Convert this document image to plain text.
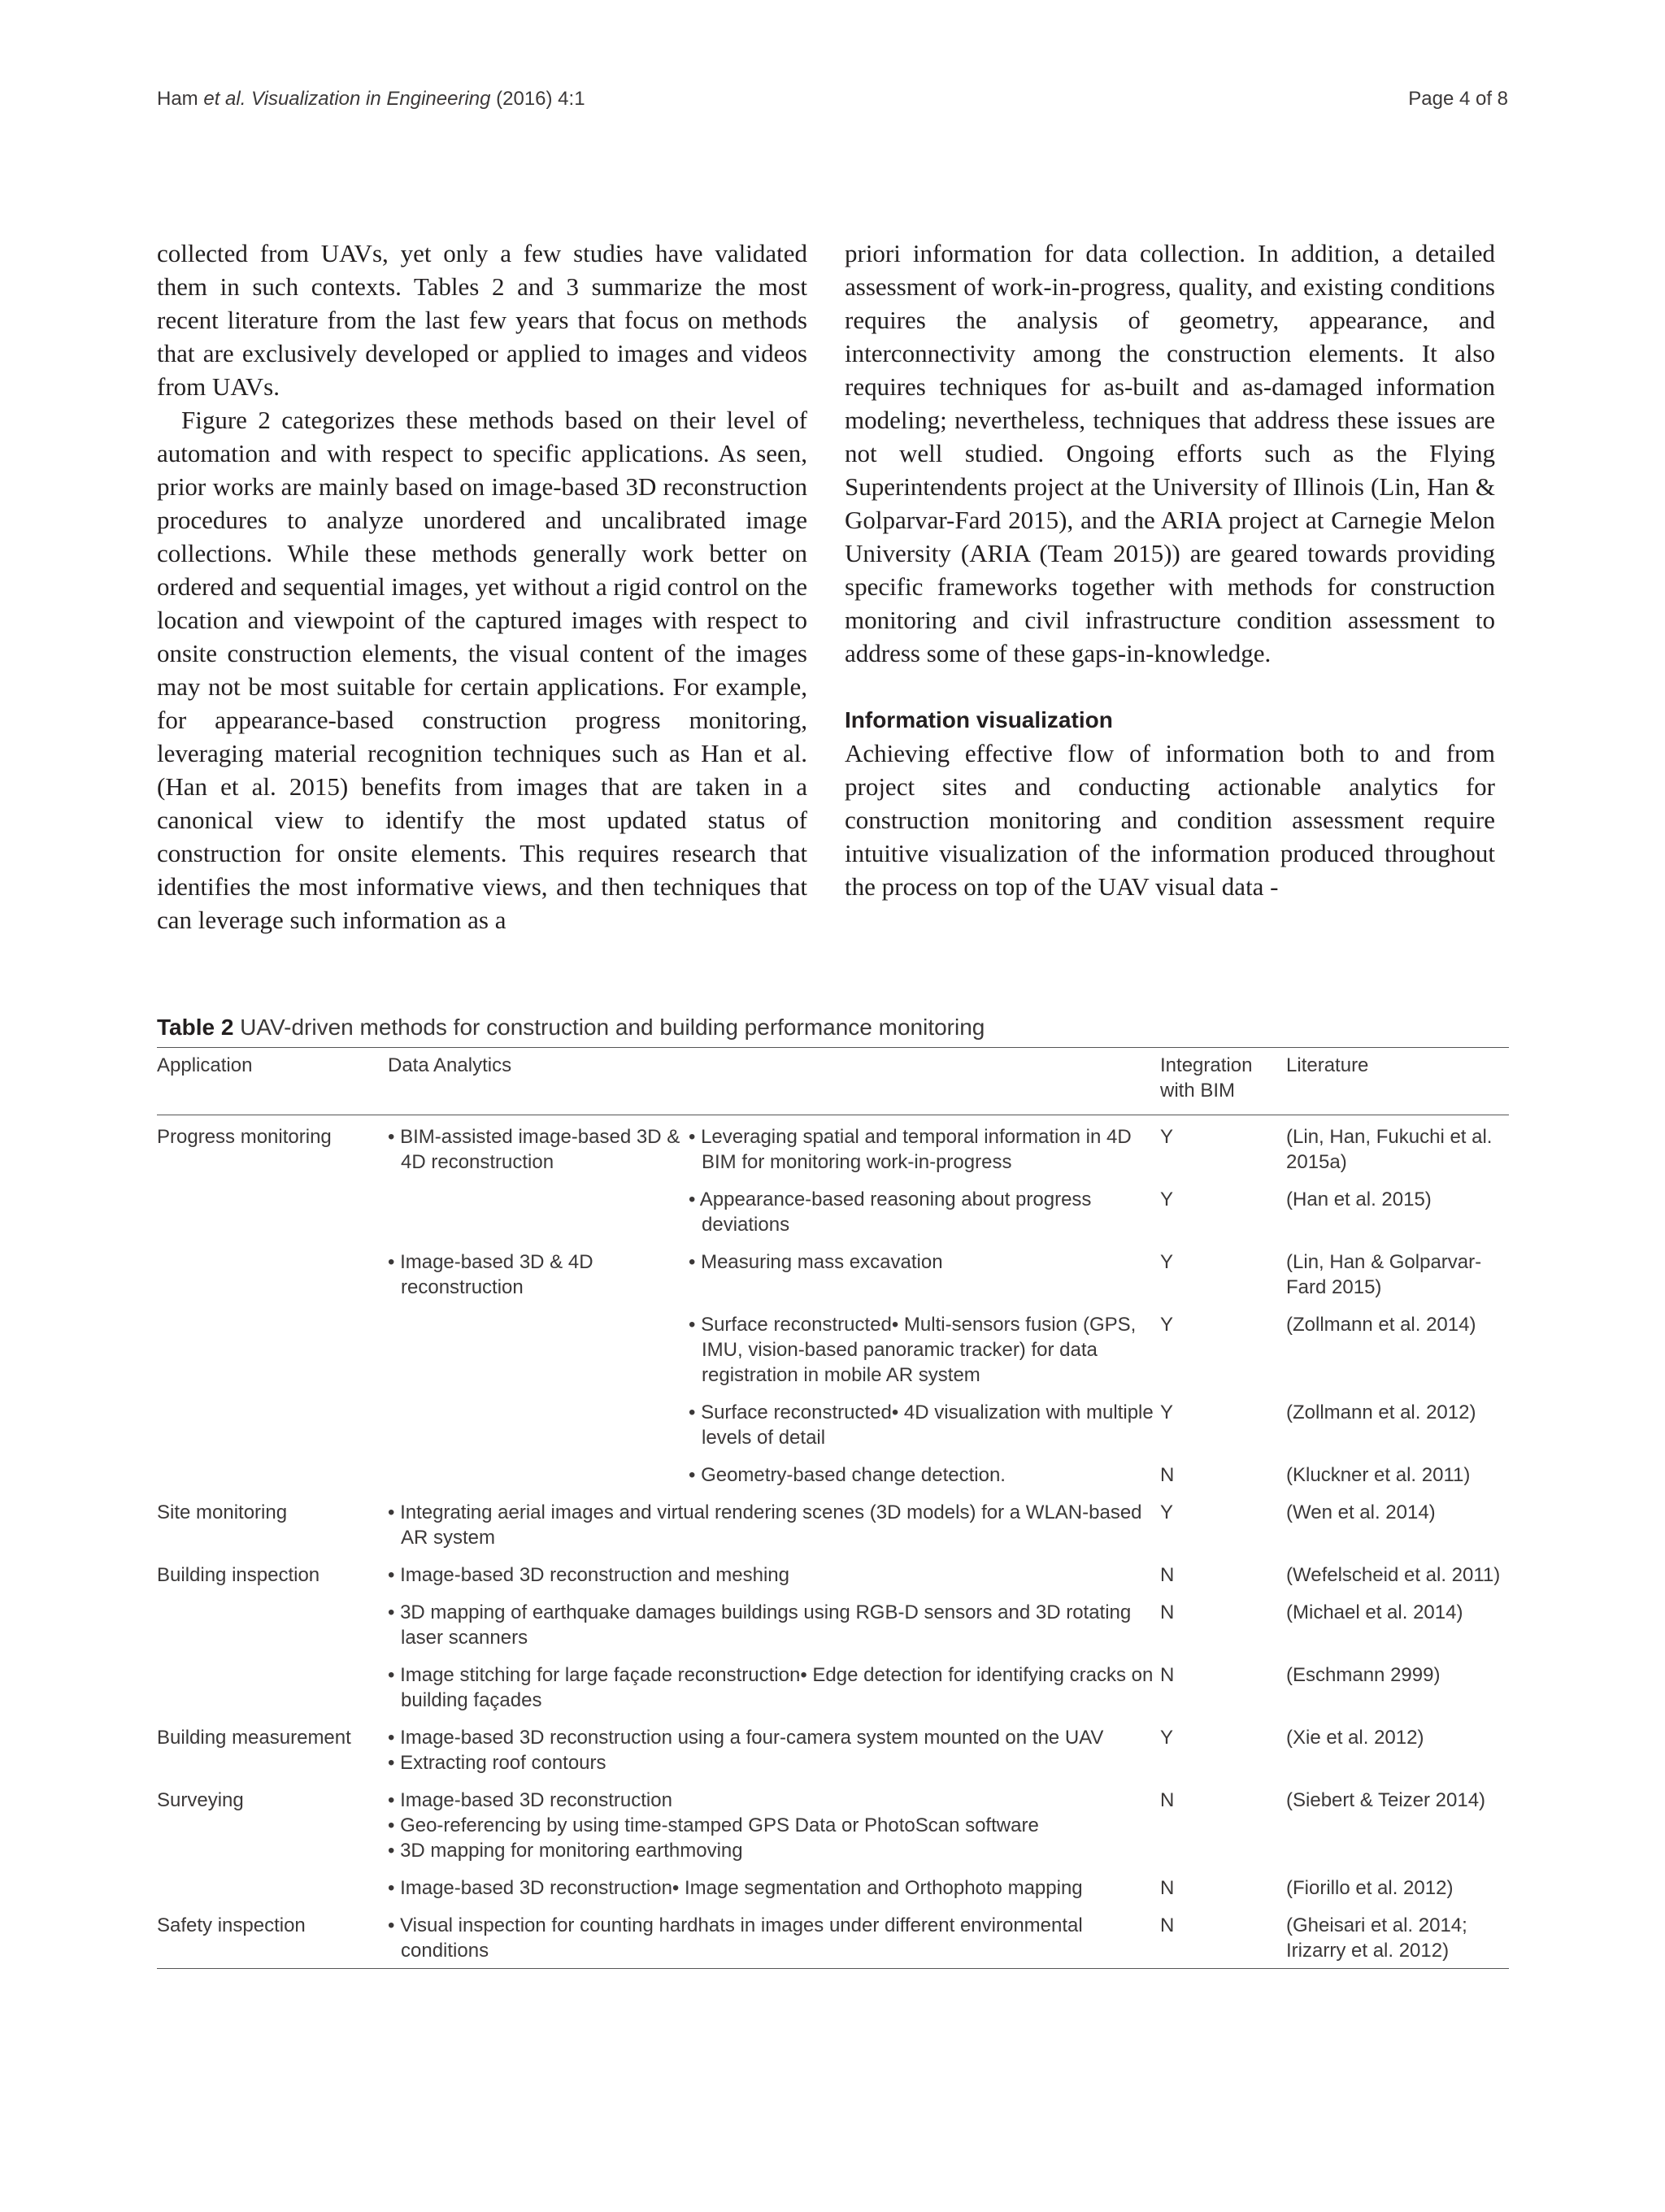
Ham et al. Visualization in Engineering (2016) 4:1	Page 4 of 8

collected from UAVs, yet only a few studies have validated them in such contexts. Tables 2 and 3 summarize the most recent literature from the last few years that focus on methods that are exclusively developed or applied to images and videos from UAVs.

Figure 2 categorizes these methods based on their level of automation and with respect to specific applications. As seen, prior works are mainly based on image-based 3D reconstruction procedures to analyze unordered and uncalibrated image collections. While these methods generally work better on ordered and sequential images, yet without a rigid control on the location and viewpoint of the captured images with respect to onsite construction elements, the visual content of the images may not be most suitable for certain applications. For example, for appearance-based construction progress monitoring, leveraging material recognition techniques such as Han et al. (Han et al. 2015) benefits from images that are taken in a canonical view to identify the most updated status of construction for onsite elements. This requires research that identifies the most informative views, and then techniques that can leverage such information as a

priori information for data collection. In addition, a detailed assessment of work-in-progress, quality, and existing conditions requires the analysis of geometry, appearance, and interconnectivity among the construction elements. It also requires techniques for as-built and as-damaged information modeling; nevertheless, techniques that address these issues are not well studied. Ongoing efforts such as the Flying Superintendents project at the University of Illinois (Lin, Han & Golparvar-Fard 2015), and the ARIA project at Carnegie Melon University (ARIA (Team 2015)) are geared towards providing specific frameworks together with methods for construction monitoring and civil infrastructure condition assessment to address some of these gaps-in-knowledge.

Information visualization

Achieving effective flow of information both to and from project sites and conducting actionable analytics for construction monitoring and condition assessment require intuitive visualization of the information produced throughout the process on top of the UAV visual data -

Table 2 UAV-driven methods for construction and building performance monitoring
Application	Data Analytics		Integration with BIM	Literature
Progress monitoring	• BIM-assisted image-based 3D & 4D reconstruction	• Leveraging spatial and temporal information in 4D BIM for monitoring work-in-progress	Y	(Lin, Han, Fukuchi et al. 2015a)

		• Appearance-based reasoning about progress deviations	Y	(Han et al. 2015)

	• Image-based 3D & 4D reconstruction	• Measuring mass excavation	Y	(Lin, Han & Golparvar-Fard 2015)

		• Surface reconstructed• Multi-sensors fusion (GPS, IMU, vision-based panoramic tracker) for data registration in mobile AR system	Y	(Zollmann et al. 2014)

		• Surface reconstructed• 4D visualization with multiple levels of detail	Y	(Zollmann et al. 2012)

		• Geometry-based change detection.	N	(Kluckner et al. 2011)
Site monitoring	• Integrating aerial images and virtual rendering scenes (3D models) for a WLAN-based AR system		Y	(Wen et al. 2014)
Building inspection	• Image-based 3D reconstruction and meshing		N	(Wefelscheid et al. 2011)

	• 3D mapping of earthquake damages buildings using RGB-D sensors and 3D rotating laser scanners		N	(Michael et al. 2014)

	• Image stitching for large façade reconstruction• Edge detection for identifying cracks on building façades		N	(Eschmann 2999)
Building measurement	• Image-based 3D reconstruction using a four-camera system mounted on the UAV
• Extracting roof contours		Y	(Xie et al. 2012)
Surveying	• Image-based 3D reconstruction
• Geo-referencing by using time-stamped GPS Data or PhotoScan software
• 3D mapping for monitoring earthmoving		N	(Siebert & Teizer 2014)

	• Image-based 3D reconstruction• Image segmentation and Orthophoto mapping		N	(Fiorillo et al. 2012)
Safety inspection	• Visual inspection for counting hardhats in images under different environmental conditions		N	(Gheisari et al. 2014; Irizarry et al. 2012)
